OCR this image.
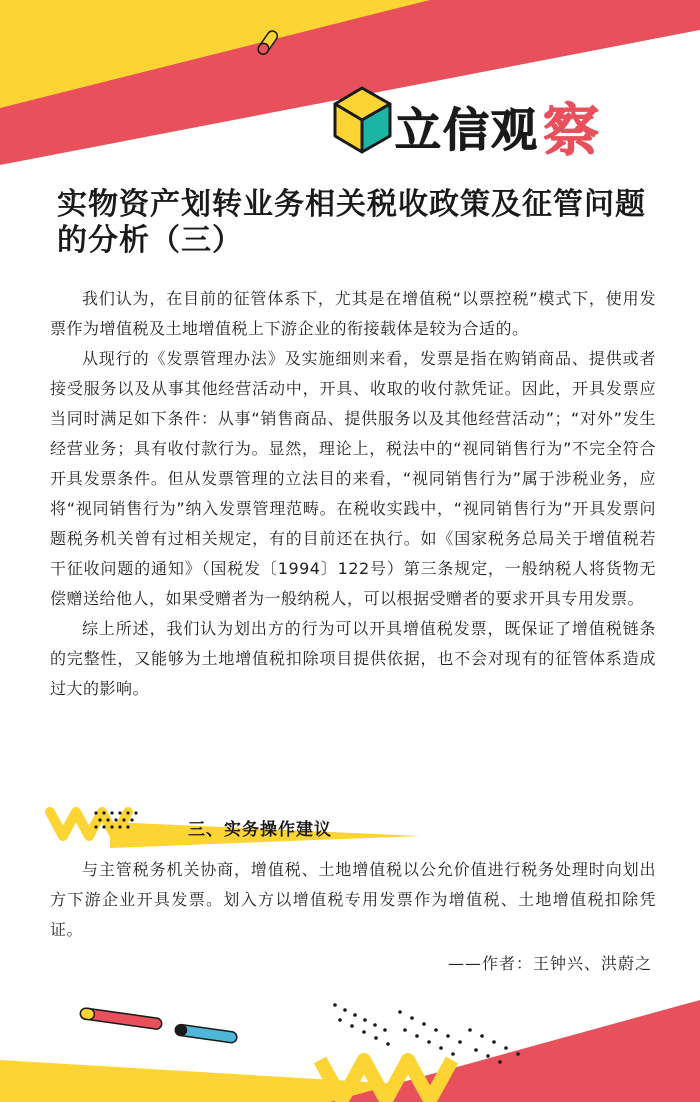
立信观 察
实物资产划转业务相关税收政策及征管问题的分析（三）

我们认为，在目前的征管体系下，尤其是在增值税“以票控税”模式下，使用发票作为增值税及土地增值税上下游企业的衔接载体是较为合适的。

从现行的《发票管理办法》及实施细则来看，发票是指在购销商品、提供或者接受服务以及从事其他经营活动中，开具、收取的收付款凭证。因此，开具发票应当同时满足如下条件：从事“销售商品、提供服务以及其他经营活动”；“对外”发生经营业务；具有收付款行为。显然，理论上，税法中的“视同销售行为”不完全符合开具发票条件。但从发票管理的立法目的来看，“视同销售行为”属于涉税业务，应将“视同销售行为”纳入发票管理范畴。在税收实践中，“视同销售行为”开具发票问题税务机关曾有过相关规定，有的目前还在执行。如《国家税务总局关于增值税若干征收问题的通知》（国税发〔1994〕122号）第三条规定，一般纳税人将货物无偿赠送给他人，如果受赠者为一般纳税人，可以根据受赠者的要求开具专用发票。

综上所述，我们认为划出方的行为可以开具增值税发票，既保证了增值税链条的完整性，又能够为土地增值税扣除项目提供依据，也不会对现有的征管体系造成过大的影响。

三、实务操作建议

与主管税务机关协商，增值税、土地增值税以公允价值进行税务处理时向划出方下游企业开具发票。划入方以增值税专用发票作为增值税、土地增值税扣除凭证。

——作者：王钟兴、洪蔚之
